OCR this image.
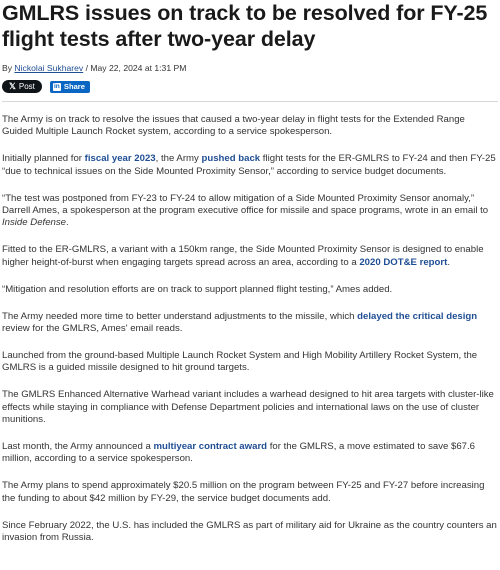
GMLRS issues on track to be resolved for FY-25 flight tests after two-year delay
By Nickolai Sukharev / May 22, 2024 at 1:31 PM
𝕏 Post	in Share

The Army is on track to resolve the issues that caused a two-year delay in flight tests for the Extended Range Guided Multiple Launch Rocket system, according to a service spokesperson.

Initially planned for fiscal year 2023, the Army pushed back flight tests for the ER-GMLRS to FY-24 and then FY-25 “due to technical issues on the Side Mounted Proximity Sensor,” according to service budget documents.

“The test was postponed from FY-23 to FY-24 to allow mitigation of a Side Mounted Proximity Sensor anomaly,” Darrell Ames, a spokesperson at the program executive office for missile and space programs, wrote in an email to Inside Defense.

Fitted to the ER-GMLRS, a variant with a 150km range, the Side Mounted Proximity Sensor is designed to enable higher height-of-burst when engaging targets spread across an area, according to a 2020 DOT&E report.

“Mitigation and resolution efforts are on track to support planned flight testing,” Ames added.

The Army needed more time to better understand adjustments to the missile, which delayed the critical design review for the GMLRS, Ames' email reads.

Launched from the ground-based Multiple Launch Rocket System and High Mobility Artillery Rocket System, the GMLRS is a guided missile designed to hit ground targets.

The GMLRS Enhanced Alternative Warhead variant includes a warhead designed to hit area targets with cluster-like effects while staying in compliance with Defense Department policies and international laws on the use of cluster munitions.

Last month, the Army announced a multiyear contract award for the GMLRS, a move estimated to save $67.6 million, according to a service spokesperson.

The Army plans to spend approximately $20.5 million on the program between FY-25 and FY-27 before increasing the funding to about $42 million by FY-29, the service budget documents add.

Since February 2022, the U.S. has included the GMLRS as part of military aid for Ukraine as the country counters an invasion from Russia.
